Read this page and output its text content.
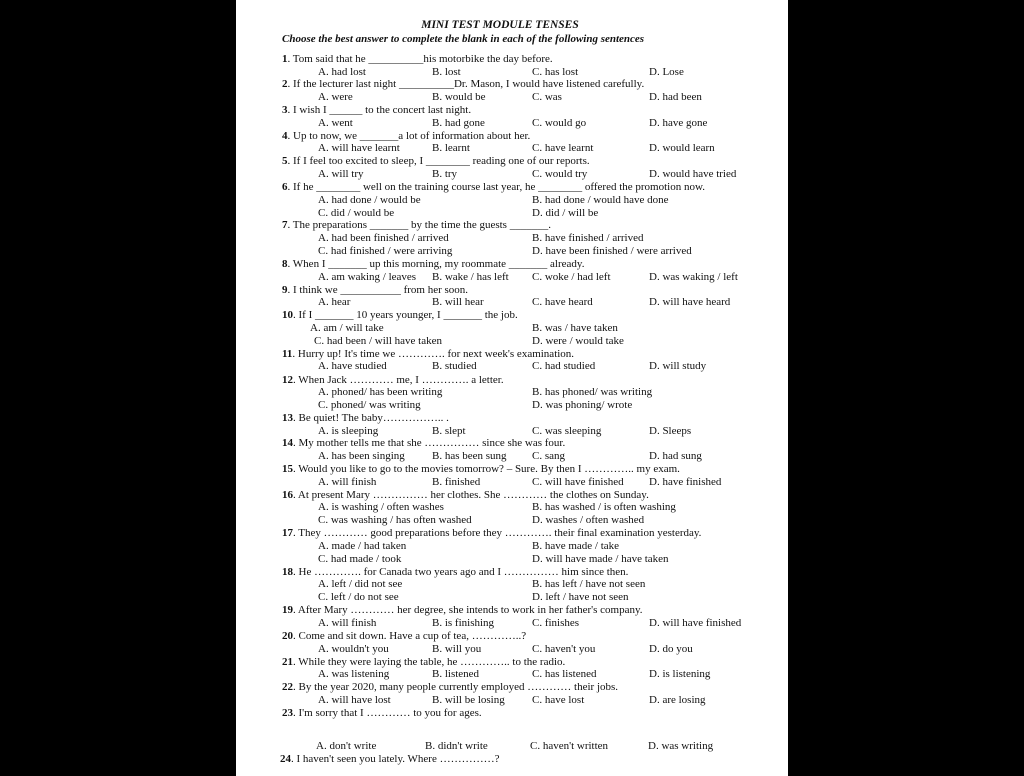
MINI TEST MODULE TENSES
Choose the best answer to complete the blank in each of the following sentences
1. Tom said that he __________his motorbike the day before.
A. had lost	B. lost	C. has lost	D. Lose
2. If the lecturer last night __________Dr. Mason, I would have listened carefully.
A. were	B. would be	C. was	D. had been
3. I wish I ______ to the concert last night.
A. went	B. had gone	C. would go	D. have gone
4. Up to now, we _______a lot of information about her.
A. will have learnt	B. learnt	C. have learnt	D. would learn
5. If I feel too excited to sleep, I ________ reading one of our reports.
A. will try	B. try	C. would try	D. would have tried
6. If he ________ well on the training course last year, he ________ offered the promotion now.
A. had done / would be	B. had done / would have done
C. did / would be	D. did / will be
7. The preparations _______ by the time the guests _______.
A. had been finished / arrived	B. have finished / arrived
C. had finished / were arriving	D. have been finished / were arrived
8. When I _______ up this morning, my roommate _______ already.
A. am waking / leaves B. wake / has left C. woke / had left	D. was waking / left
9. I think we ___________ from her soon.
A. hear	B. will hear	C. have heard	D. will have heard
10. If I _______ 10 years younger, I _______ the job.
A. am / will take	B. was / have taken
C. had been / will have taken	D. were / would take
11. Hurry up! It's time we …………. for next week's examination.
A. have studied	B. studied	C. had studied	D. will study
12. When Jack ………… me, I …………. a letter.
A. phoned/ has been writing	B. has phoned/ was writing
C. phoned/ was writing	D. was phoning/ wrote
13. Be quiet! The baby…………….. .
A. is sleeping	B. slept	C. was sleeping	D. Sleeps
14. My mother tells me that she …………… since she was four.
A. has been singing B. has been sung C. sang	D. had sung
15. Would you like to go to the movies tomorrow? – Sure. By then I ………….. my exam.
A. will finish	B. finished	C. will have finished D. have finished
16. At present Mary …………… her clothes. She ………… the clothes on Sunday.
A. is washing / often washes	B. has washed / is often washing
C. was washing / has often washed	D. washes / often washed
17. They ………… good preparations before they …………. their final examination yesterday.
A. made / had taken	B. have made / take
C. had made / took	D. will have made / have taken
18. He …………. for Canada two years ago and I …………… him since then.
A. left / did not see	B. has left / have not seen
C. left / do not see	D. left / have not seen
19. After Mary ………… her degree, she intends to work in her father's company.
A. will finish	B. is finishing	C. finishes	D. will have finished
20. Come and sit down. Have a cup of tea, …………..?
A. wouldn't you	B. will you	C. haven't you	D. do you
21. While they were laying the table, he ………….. to the radio.
A. was listening	B. listened	C. has listened	D. is listening
22. By the year 2020, many people currently employed ………… their jobs.
A. will have lost	B. will be losing C. have lost	D. are losing
23. I'm sorry that I ………… to you for ages.
A. don't write	B. didn't write	C. haven't written	D. was writing
24. I haven't seen you lately. Where ……………?
